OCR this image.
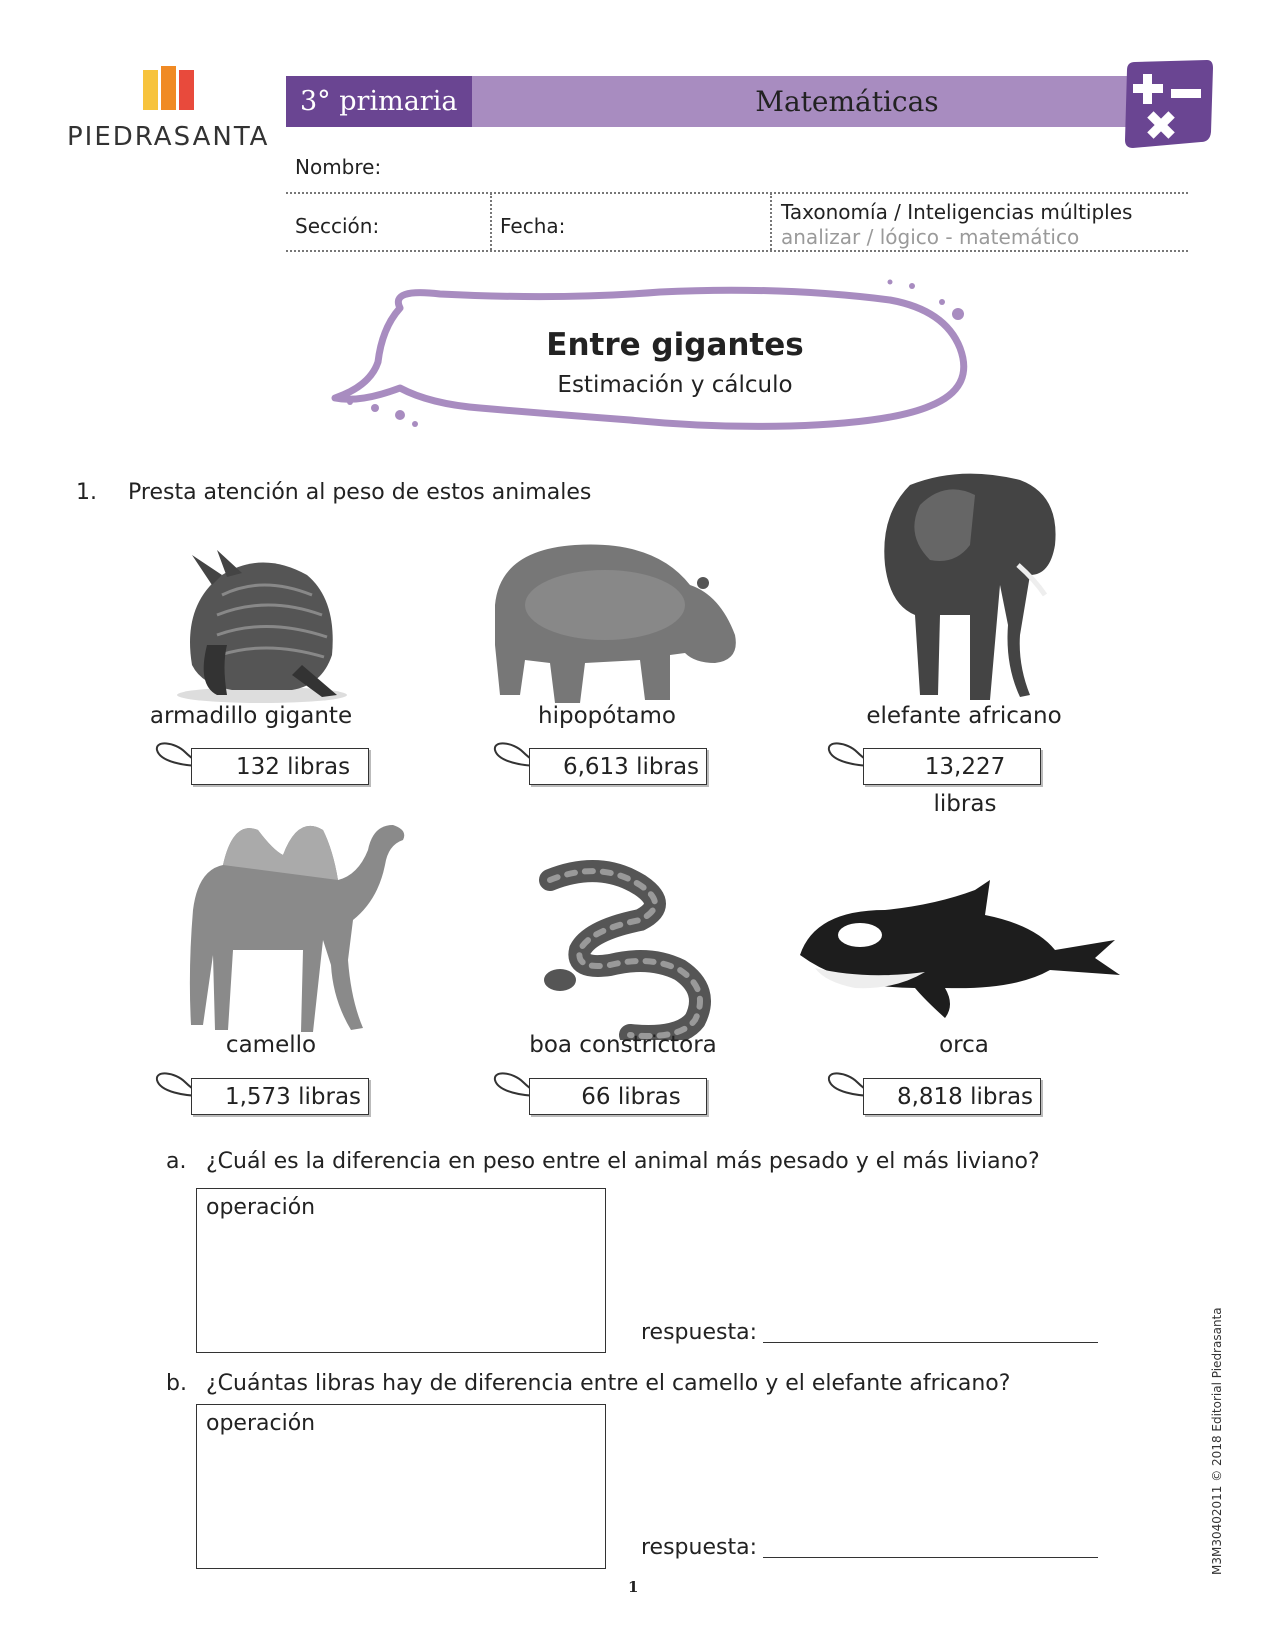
PIEDRASANTA
3° primaria	Matemáticas
Nombre:
Sección:	Fecha:
Taxonomía / Inteligencias múltiples
analizar / lógico - matemático
Entre gigantes
Estimación y cálculo
1. Presta atención al peso de estos animales
armadillo gigante
132 libras
hipopótamo
6,613 libras
elefante africano
13,227 libras
camello
1,573 libras
boa constrictora
66 libras
orca
8,818 libras
a. ¿Cuál es la diferencia en peso entre el animal más pesado y el más liviano?
operación
respuesta:
b. ¿Cuántas libras hay de diferencia entre el camello y el elefante africano?
operación
respuesta:	M3M30402011 © 2018 Editorial Piedrasanta
1
